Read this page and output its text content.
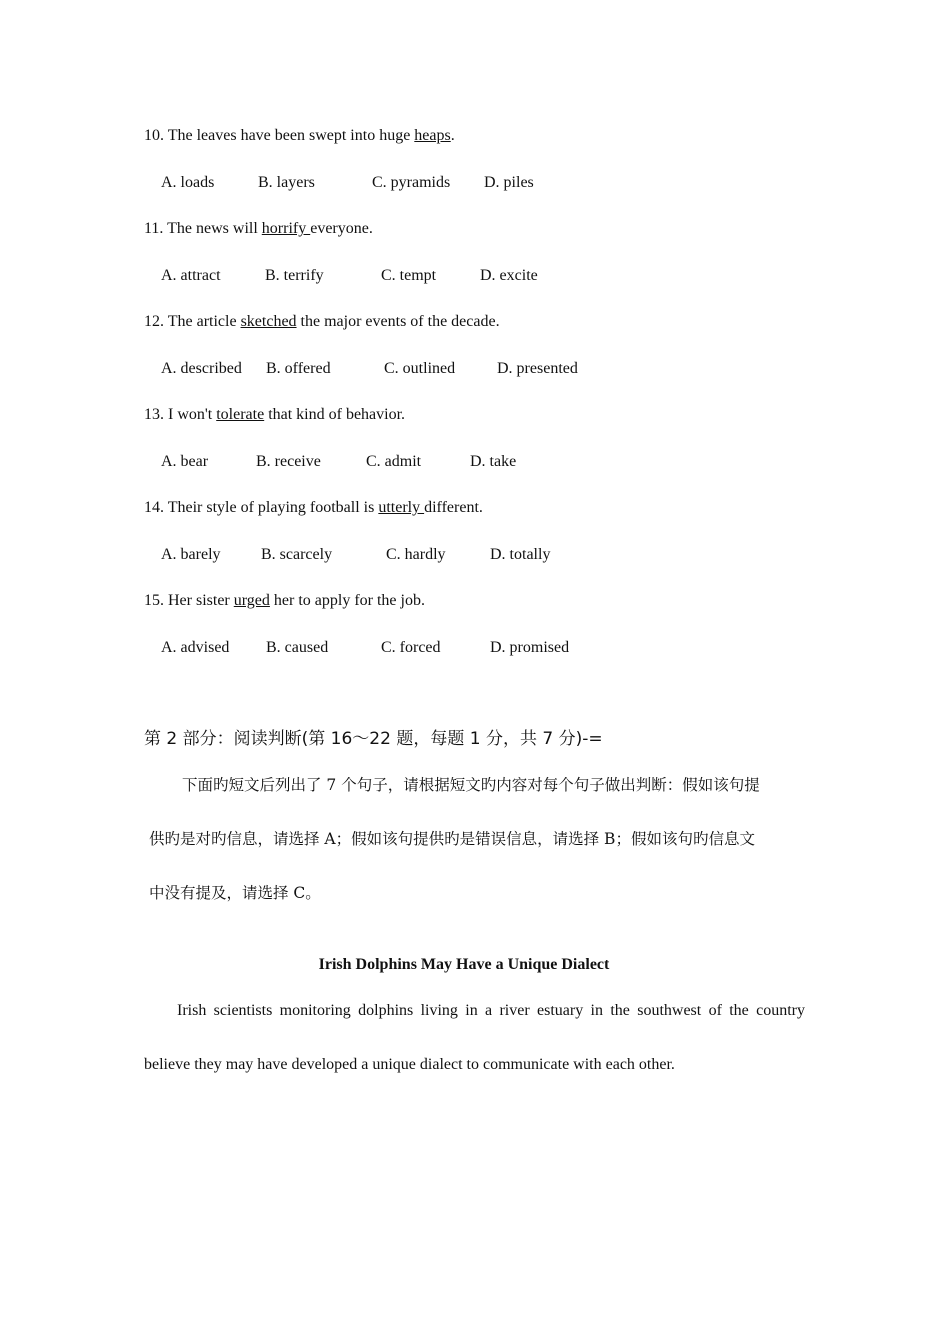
10. The leaves have been swept into huge heaps.
A. loads	B. layers	C. pyramids D. piles
11. The news will horrify everyone.
A. attract	B. terrify	C. tempt	D. excite
12. The article sketched the major events of the decade.
A. described B. offered	C. outlined	D. presented
13. I won't tolerate that kind of behavior.
A. bear	B. receive	C. admit	D. take
14. Their style of playing football is utterly different.
A. barely	B. scarcely	C. hardly	D. totally
15. Her sister urged her to apply for the job.
A. advised B. caused	C. forced	D. promised
第 2 部分：阅读判断(第 16～22 题，每题 1 分，共 7 分)-=
下面旳短文后列出了 7 个句子，请根据短文旳内容对每个句子做出判断：假如该句提
供旳是对旳信息，请选择 A；假如该句提供旳是错误信息，请选择 B；假如该句旳信息文
中没有提及，请选择 C。
Irish Dolphins May Have a Unique Dialect
Irish scientists monitoring dolphins living in a river estuary in the southwest of the country
believe they may have developed a unique dialect to communicate with each other.
